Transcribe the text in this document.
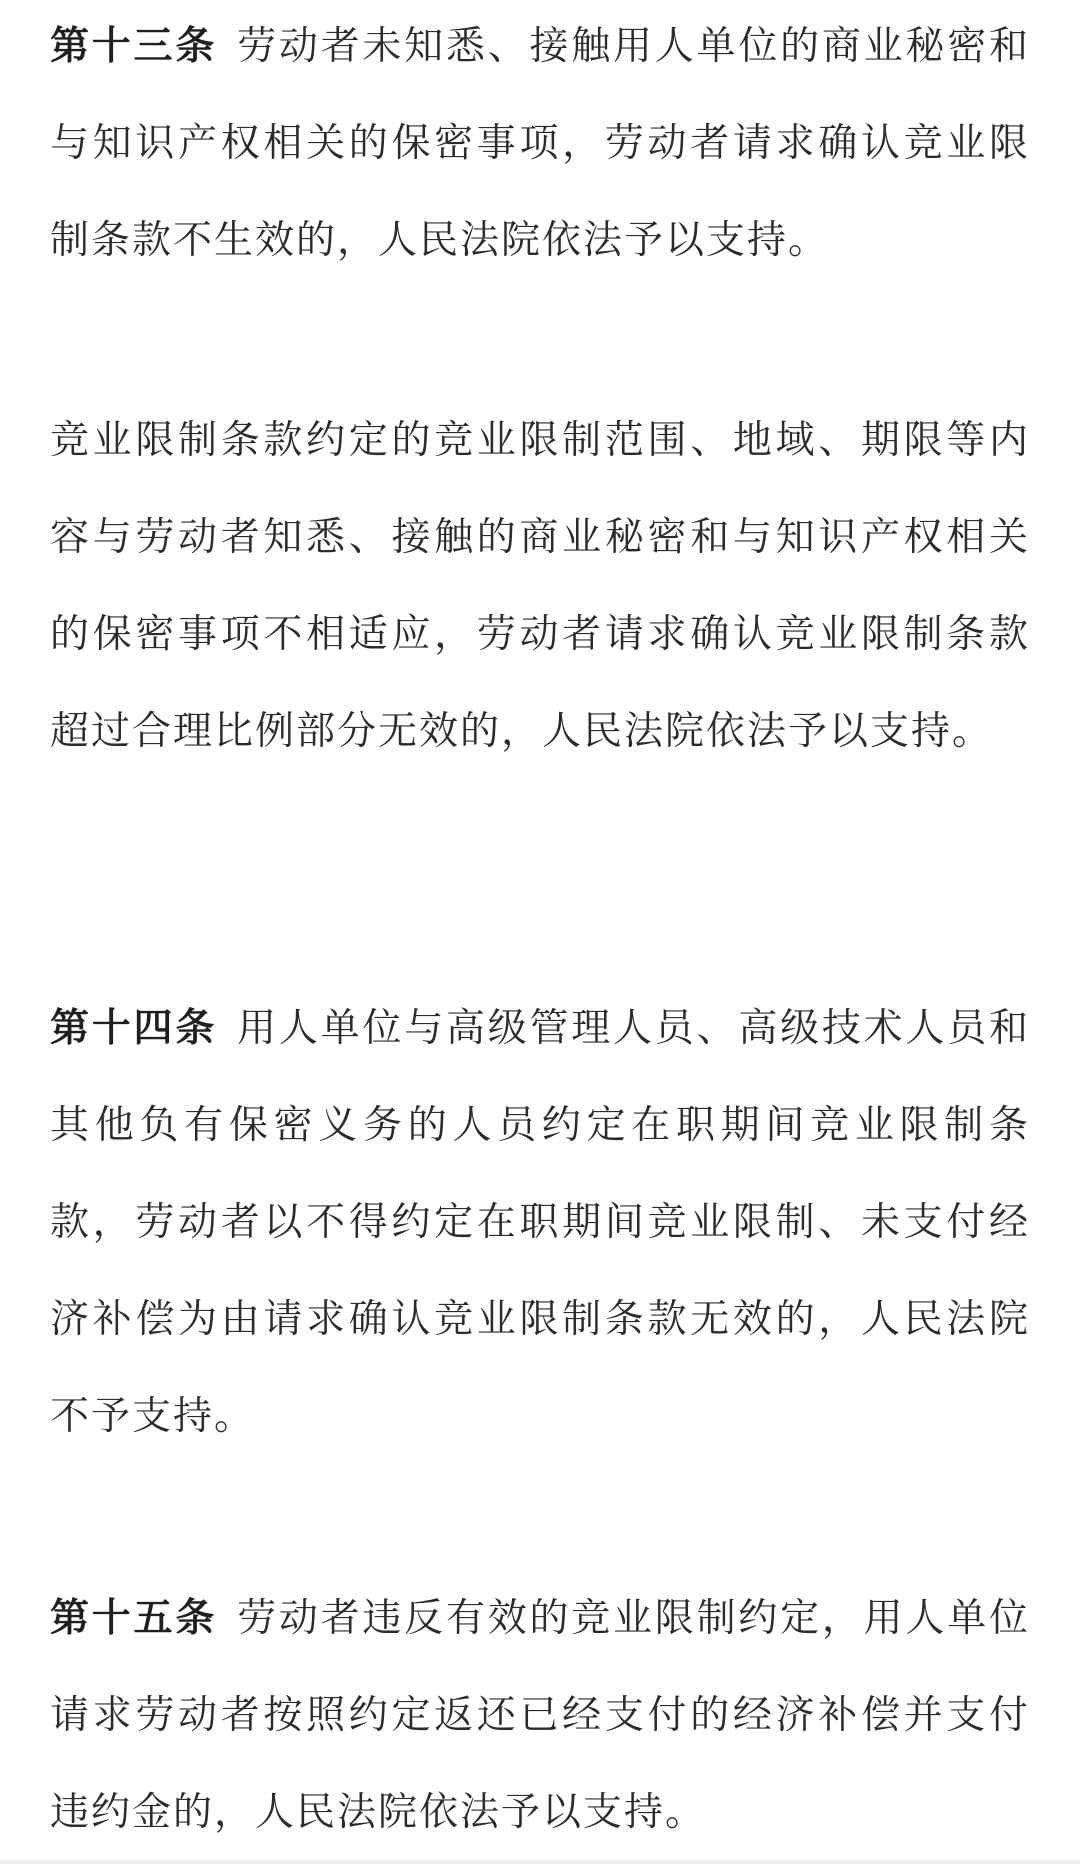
第十三条 劳动者未知悉、接触用人单位的商业秘密和与知识产权相关的保密事项，劳动者请求确认竞业限制条款不生效的，人民法院依法予以支持。

竞业限制条款约定的竞业限制范围、地域、期限等内容与劳动者知悉、接触的商业秘密和与知识产权相关的保密事项不相适应，劳动者请求确认竞业限制条款超过合理比例部分无效的，人民法院依法予以支持。

第十四条 用人单位与高级管理人员、高级技术人员和其他负有保密义务的人员约定在职期间竞业限制条款，劳动者以不得约定在职期间竞业限制、未支付经济补偿为由请求确认竞业限制条款无效的，人民法院不予支持。

第十五条 劳动者违反有效的竞业限制约定，用人单位请求劳动者按照约定返还已经支付的经济补偿并支付违约金的，人民法院依法予以支持。
